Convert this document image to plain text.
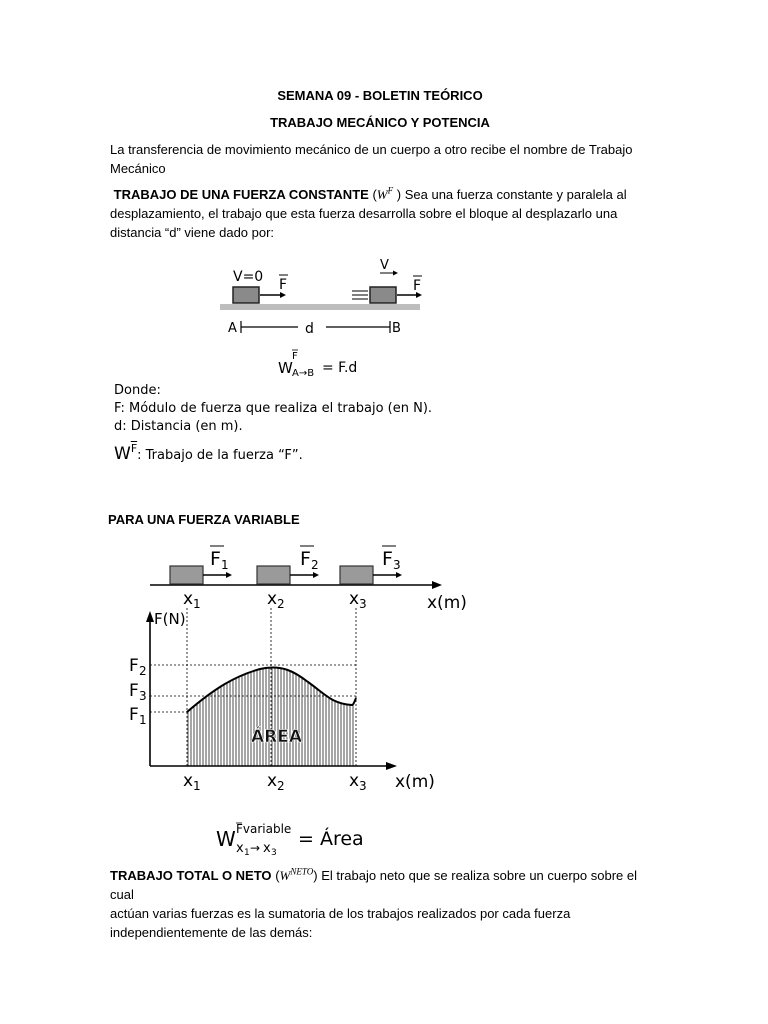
SEMANA 09 - BOLETIN TEÓRICO
TRABAJO MECÁNICO Y POTENCIA
La transferencia de movimiento mecánico de un cuerpo a otro recibe el nombre de Trabajo Mecánico
TRABAJO DE UNA FUERZA CONSTANTE ($W^F$ ) Sea una fuerza constante y paralela al
desplazamiento, el trabajo que esta fuerza desarrolla sobre el bloque al desplazarlo una
distancia “d” viene dado por:
V=0 F
V
F
A	d	B
W
F
A→B = F.d
Donde:
F: Módulo de fuerza que realiza el trabajo (en N).
d: Distancia (en m).
$W^{\overline{F}}$: Trabajo de la fuerza “F”.
PARA UNA FUERZA VARIABLE
F 1	F 2	F 3
x 1	x 2	x 3	x(m)
F(N)
F 2
F 3
F 1
ÁREA
x 1	x 2	x 3 x(m)
W Fvariable
x 1 → x 3
= Área
TRABAJO TOTAL O NETO $(W^{NETO})$ El trabajo neto que se realiza sobre un cuerpo sobre el cual
actúan varias fuerzas es la sumatoria de los trabajos realizados por cada fuerza
independientemente de las demás:
